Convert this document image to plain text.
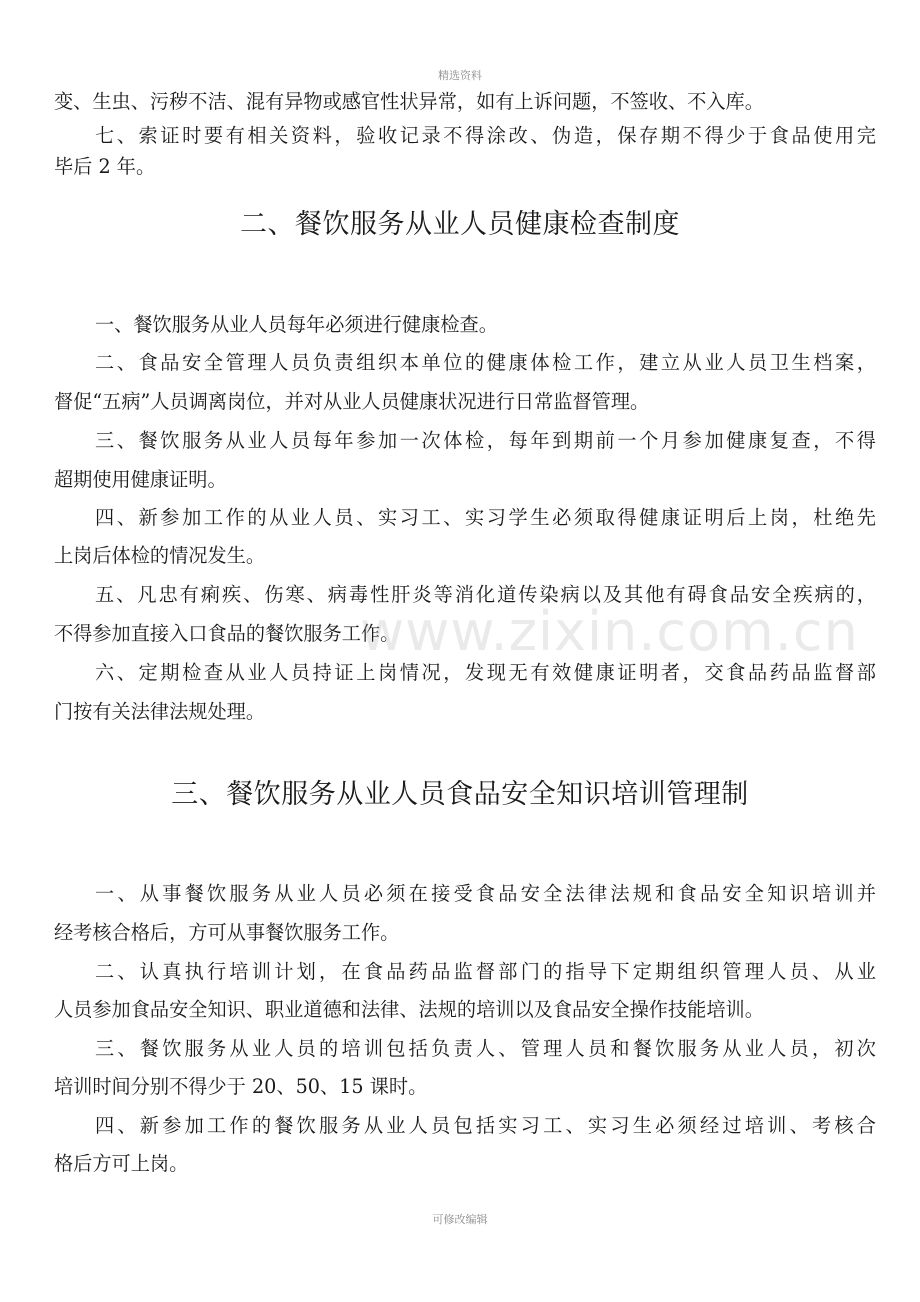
精选资料
变、生虫、污秽不洁、混有异物或感官性状异常，如有上诉问题，不签收、不入库。
七、索证时要有相关资料，验收记录不得涂改、伪造，保存期不得少于食品使用完
毕后 2 年。
二、餐饮服务从业人员健康检查制度
一、餐饮服务从业人员每年必须进行健康检查。
二、食品安全管理人员负责组织本单位的健康体检工作，建立从业人员卫生档案，
督促“五病”人员调离岗位，并对从业人员健康状况进行日常监督管理。
三、餐饮服务从业人员每年参加一次体检，每年到期前一个月参加健康复查，不得
超期使用健康证明。
四、新参加工作的从业人员、实习工、实习学生必须取得健康证明后上岗，杜绝先
上岗后体检的情况发生。
五、凡忠有痢疾、伤寒、病毒性肝炎等消化道传染病以及其他有碍食品安全疾病的，
不得参加直接入口食品的餐饮服务工作。
六、定期检查从业人员持证上岗情况，发现无有效健康证明者，交食品药品监督部
门按有关法律法规处理。
三、餐饮服务从业人员食品安全知识培训管理制
一、从事餐饮服务从业人员必须在接受食品安全法律法规和食品安全知识培训并
经考核合格后，方可从事餐饮服务工作。
二、认真执行培训计划，在食品药品监督部门的指导下定期组织管理人员、从业
人员参加食品安全知识、职业道德和法律、法规的培训以及食品安全操作技能培训。
三、餐饮服务从业人员的培训包括负责人、管理人员和餐饮服务从业人员，初次
培训时间分别不得少于 20、50、15 课时。
四、新参加工作的餐饮服务从业人员包括实习工、实习生必须经过培训、考核合
格后方可上岗。
www.zixin.com.cn
可修改编辑
